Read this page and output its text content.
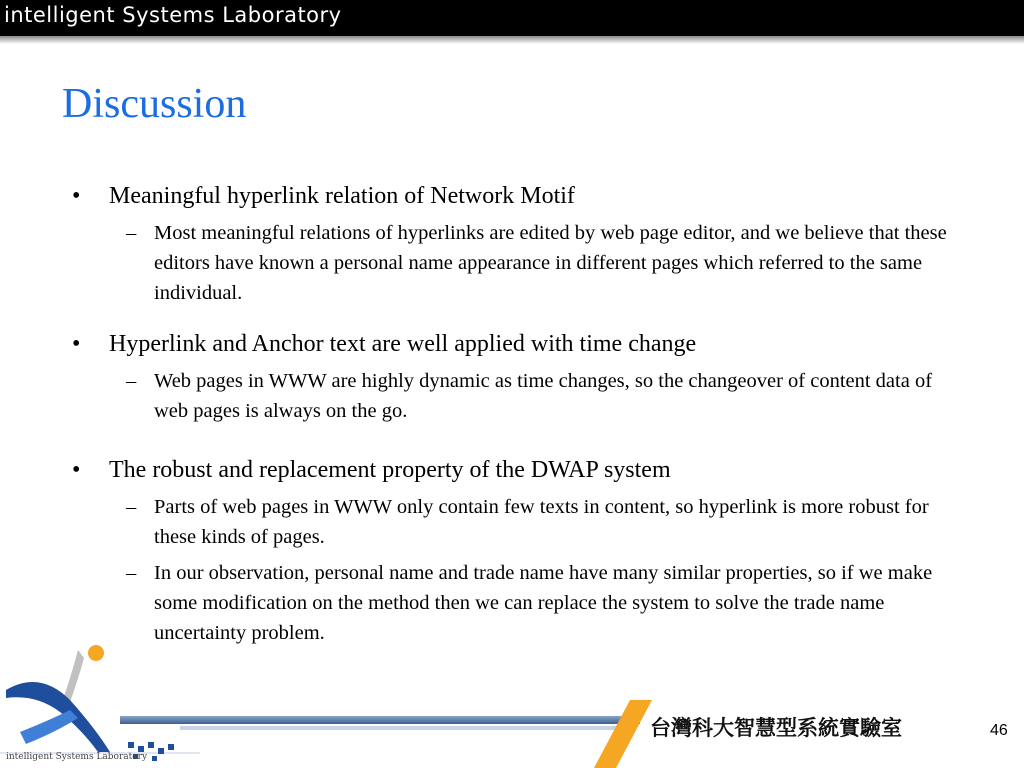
intelligent Systems Laboratory
Discussion
• Meaningful hyperlink relation of Network Motif
– Most meaningful relations of hyperlinks are edited by web page editor, and we believe that these editors have known a personal name appearance in different pages which referred to the same individual.
• Hyperlink and Anchor text are well applied with time change
– Web pages in WWW are highly dynamic as time changes, so the changeover of content data of web pages is always on the go.
• The robust and replacement property of the DWAP system
– Parts of web pages in WWW only contain few texts in content, so hyperlink is more robust for these kinds of pages.
– In our observation, personal name and trade name have many similar properties, so if we make some modification on the method then we can replace the system to solve the trade name uncertainty problem.
intelligent Systems Laboratory
台灣科大智慧型系統實驗室	46
